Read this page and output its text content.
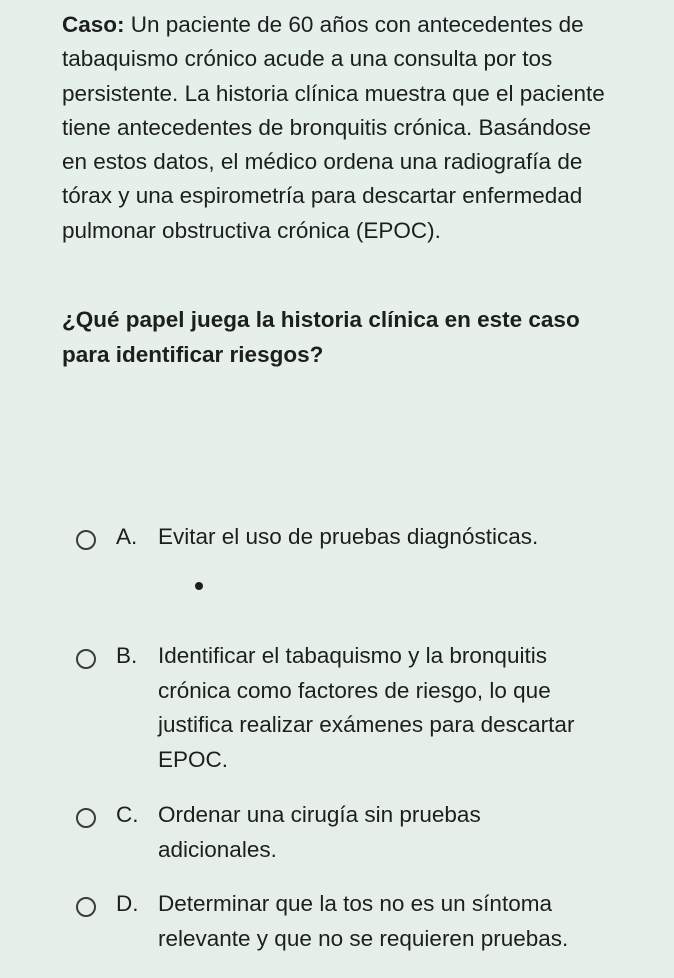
Caso: Un paciente de 60 años con antecedentes de tabaquismo crónico acude a una consulta por tos persistente. La historia clínica muestra que el paciente tiene antecedentes de bronquitis crónica. Basándose en estos datos, el médico ordena una radiografía de tórax y una espirometría para descartar enfermedad pulmonar obstructiva crónica (EPOC).
¿Qué papel juega la historia clínica en este caso para identificar riesgos?
A. Evitar el uso de pruebas diagnósticas.
B. Identificar el tabaquismo y la bronquitis crónica como factores de riesgo, lo que justifica realizar exámenes para descartar EPOC.
C. Ordenar una cirugía sin pruebas adicionales.
D. Determinar que la tos no es un síntoma relevante y que no se requieren pruebas.
